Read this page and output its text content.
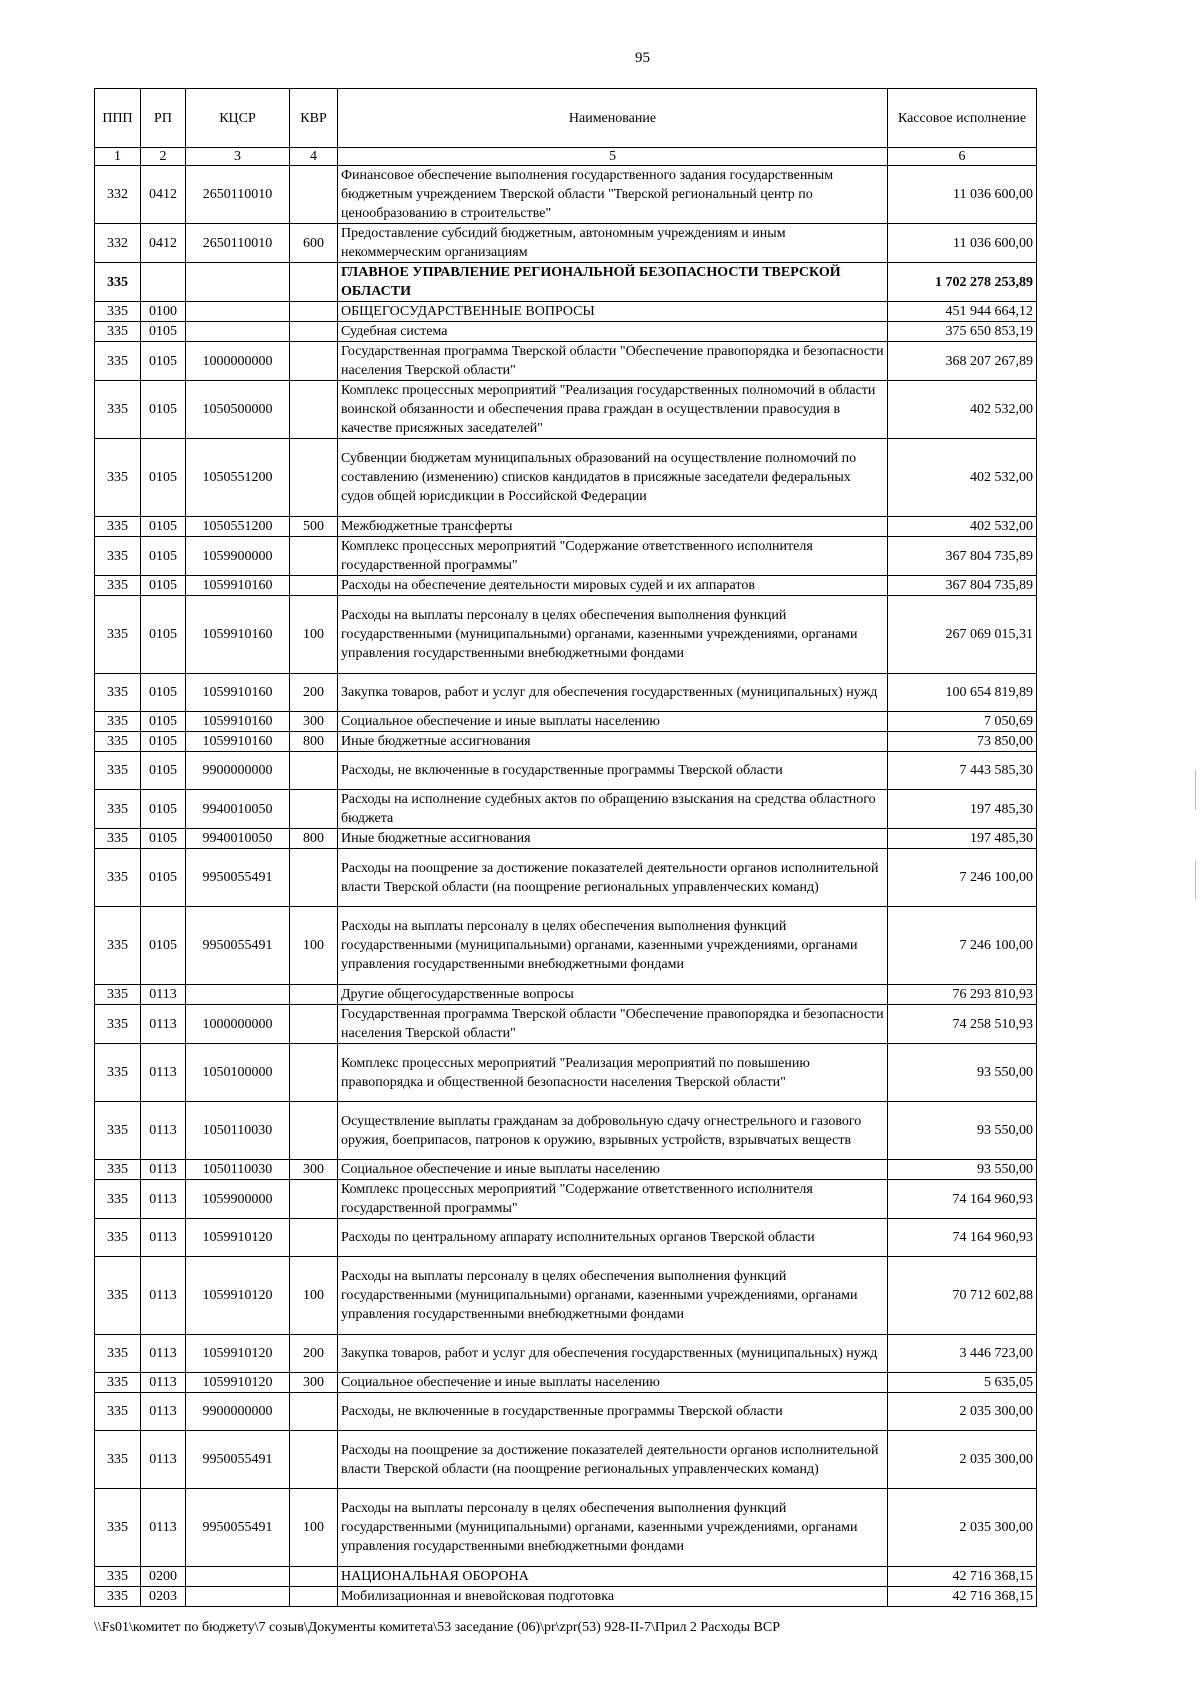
95
ППП	РП	КЦСР	КВР	Наименование	Кассовое исполнение
1	2	3	4	5	6
332	0412	2650110010		Финансовое обеспечение выполнения государственного задания государственным бюджетным учреждением Тверской области "Тверской региональный центр по ценообразованию в строительстве"	11 036 600,00
332	0412	2650110010	600	Предоставление субсидий бюджетным, автономным учреждениям и иным некоммерческим организациям	11 036 600,00
335				ГЛАВНОЕ УПРАВЛЕНИЕ РЕГИОНАЛЬНОЙ БЕЗОПАСНОСТИ ТВЕРСКОЙ ОБЛАСТИ	1 702 278 253,89
335	0100			ОБЩЕГОСУДАРСТВЕННЫЕ ВОПРОСЫ	451 944 664,12
335	0105			Судебная система	375 650 853,19
335	0105	1000000000		Государственная программа Тверской области "Обеспечение правопорядка и безопасности населения Тверской области"	368 207 267,89
335	0105	1050500000		Комплекс процессных мероприятий "Реализация государственных полномочий в области воинской обязанности и обеспечения права граждан в осуществлении правосудия в качестве присяжных заседателей"	402 532,00
335	0105	1050551200		Субвенции бюджетам муниципальных образований на осуществление полномочий по составлению (изменению) списков кандидатов в присяжные заседатели федеральных судов общей юрисдикции в Российской Федерации	402 532,00
335	0105	1050551200	500	Межбюджетные трансферты	402 532,00
335	0105	1059900000		Комплекс процессных мероприятий "Содержание ответственного исполнителя государственной программы"	367 804 735,89
335	0105	1059910160		Расходы на обеспечение деятельности мировых судей и их аппаратов	367 804 735,89
335	0105	1059910160	100	Расходы на выплаты персоналу в целях обеспечения выполнения функций государственными (муниципальными) органами, казенными учреждениями, органами управления государственными внебюджетными фондами	267 069 015,31
335	0105	1059910160	200	Закупка товаров, работ и услуг для обеспечения государственных (муниципальных) нужд	100 654 819,89
335	0105	1059910160	300	Социальное обеспечение и иные выплаты населению	7 050,69
335	0105	1059910160	800	Иные бюджетные ассигнования	73 850,00
335	0105	9900000000		Расходы, не включенные в государственные программы Тверской области	7 443 585,30
335	0105	9940010050		Расходы на исполнение судебных актов по обращению взыскания на средства областного бюджета	197 485,30
335	0105	9940010050	800	Иные бюджетные ассигнования	197 485,30
335	0105	9950055491		Расходы на поощрение за достижение показателей деятельности органов исполнительной власти Тверской области (на поощрение региональных управленческих команд)	7 246 100,00
335	0105	9950055491	100	Расходы на выплаты персоналу в целях обеспечения выполнения функций государственными (муниципальными) органами, казенными учреждениями, органами управления государственными внебюджетными фондами	7 246 100,00
335	0113			Другие общегосударственные вопросы	76 293 810,93
335	0113	1000000000		Государственная программа Тверской области "Обеспечение правопорядка и безопасности населения Тверской области"	74 258 510,93
335	0113	1050100000		Комплекс процессных мероприятий "Реализация мероприятий по повышению правопорядка и общественной безопасности населения Тверской области"	93 550,00
335	0113	1050110030		Осуществление выплаты гражданам за добровольную сдачу огнестрельного и газового оружия, боеприпасов, патронов к оружию, взрывных устройств, взрывчатых веществ	93 550,00
335	0113	1050110030	300	Социальное обеспечение и иные выплаты населению	93 550,00
335	0113	1059900000		Комплекс процессных мероприятий "Содержание ответственного исполнителя государственной программы"	74 164 960,93
335	0113	1059910120		Расходы по центральному аппарату исполнительных органов Тверской области	74 164 960,93
335	0113	1059910120	100	Расходы на выплаты персоналу в целях обеспечения выполнения функций государственными (муниципальными) органами, казенными учреждениями, органами управления государственными внебюджетными фондами	70 712 602,88
335	0113	1059910120	200	Закупка товаров, работ и услуг для обеспечения государственных (муниципальных) нужд	3 446 723,00
335	0113	1059910120	300	Социальное обеспечение и иные выплаты населению	5 635,05
335	0113	9900000000		Расходы, не включенные в государственные программы Тверской области	2 035 300,00
335	0113	9950055491		Расходы на поощрение за достижение показателей деятельности органов исполнительной власти Тверской области (на поощрение региональных управленческих команд)	2 035 300,00
335	0113	9950055491	100	Расходы на выплаты персоналу в целях обеспечения выполнения функций государственными (муниципальными) органами, казенными учреждениями, органами управления государственными внебюджетными фондами	2 035 300,00
335	0200			НАЦИОНАЛЬНАЯ ОБОРОНА	42 716 368,15
335	0203			Мобилизационная и вневойсковая подготовка	42 716 368,15
\\Fs01\комитет по бюджету\7 созыв\Документы комитета\53 заседание (06)\pr\zpr(53) 928-II-7\Прил 2 Расходы ВСР
